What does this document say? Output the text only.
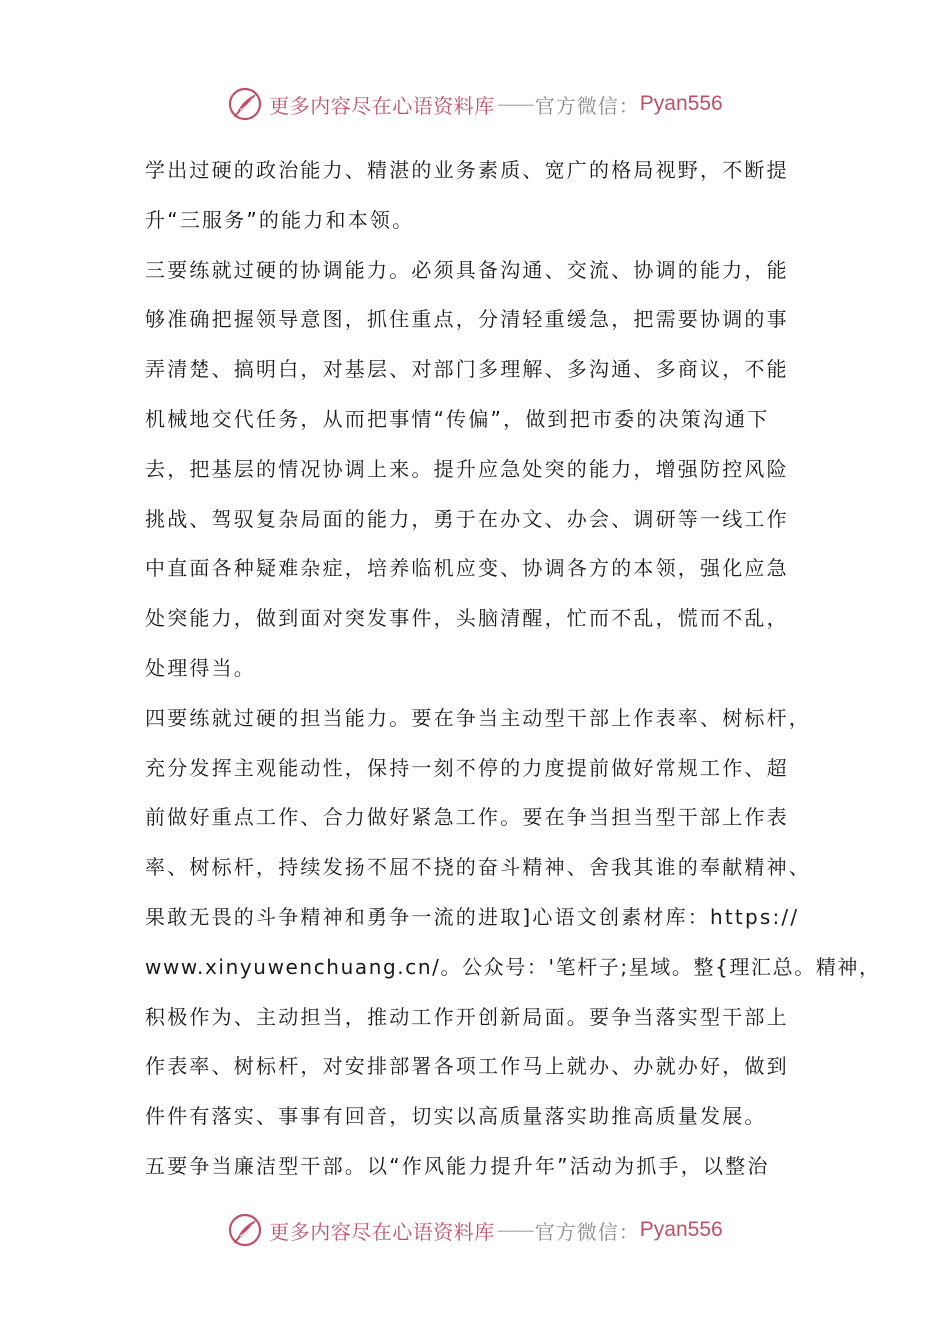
更多内容尽在心语资料库 —— 官方微信： Pyan556
学出过硬的政治能力、精湛的业务素质、宽广的格局视野，不断提
升“三服务”的能力和本领。
三要练就过硬的协调能力。必须具备沟通、交流、协调的能力，能
够准确把握领导意图，抓住重点，分清轻重缓急，把需要协调的事
弄清楚、搞明白，对基层、对部门多理解、多沟通、多商议，不能
机械地交代任务，从而把事情“传偏”，做到把市委的决策沟通下
去，把基层的情况协调上来。提升应急处突的能力，增强防控风险
挑战、驾驭复杂局面的能力，勇于在办文、办会、调研等一线工作
中直面各种疑难杂症，培养临机应变、协调各方的本领，强化应急
处突能力，做到面对突发事件，头脑清醒，忙而不乱，慌而不乱，
处理得当。
四要练就过硬的担当能力。要在争当主动型干部上作表率、树标杆，
充分发挥主观能动性，保持一刻不停的力度提前做好常规工作、超
前做好重点工作、合力做好紧急工作。要在争当担当型干部上作表
率、树标杆，持续发扬不屈不挠的奋斗精神、舍我其谁的奉献精神、
果敢无畏的斗争精神和勇争一流的进取]心语文创素材库：https://
www.xinyuwenchuang.cn/。公众号：'笔杆子;星域。整{理汇总。精神，
积极作为、主动担当，推动工作开创新局面。要争当落实型干部上
作表率、树标杆，对安排部署各项工作马上就办、办就办好，做到
件件有落实、事事有回音，切实以高质量落实助推高质量发展。
五要争当廉洁型干部。以“作风能力提升年”活动为抓手，以整治
更多内容尽在心语资料库 —— 官方微信： Pyan556
